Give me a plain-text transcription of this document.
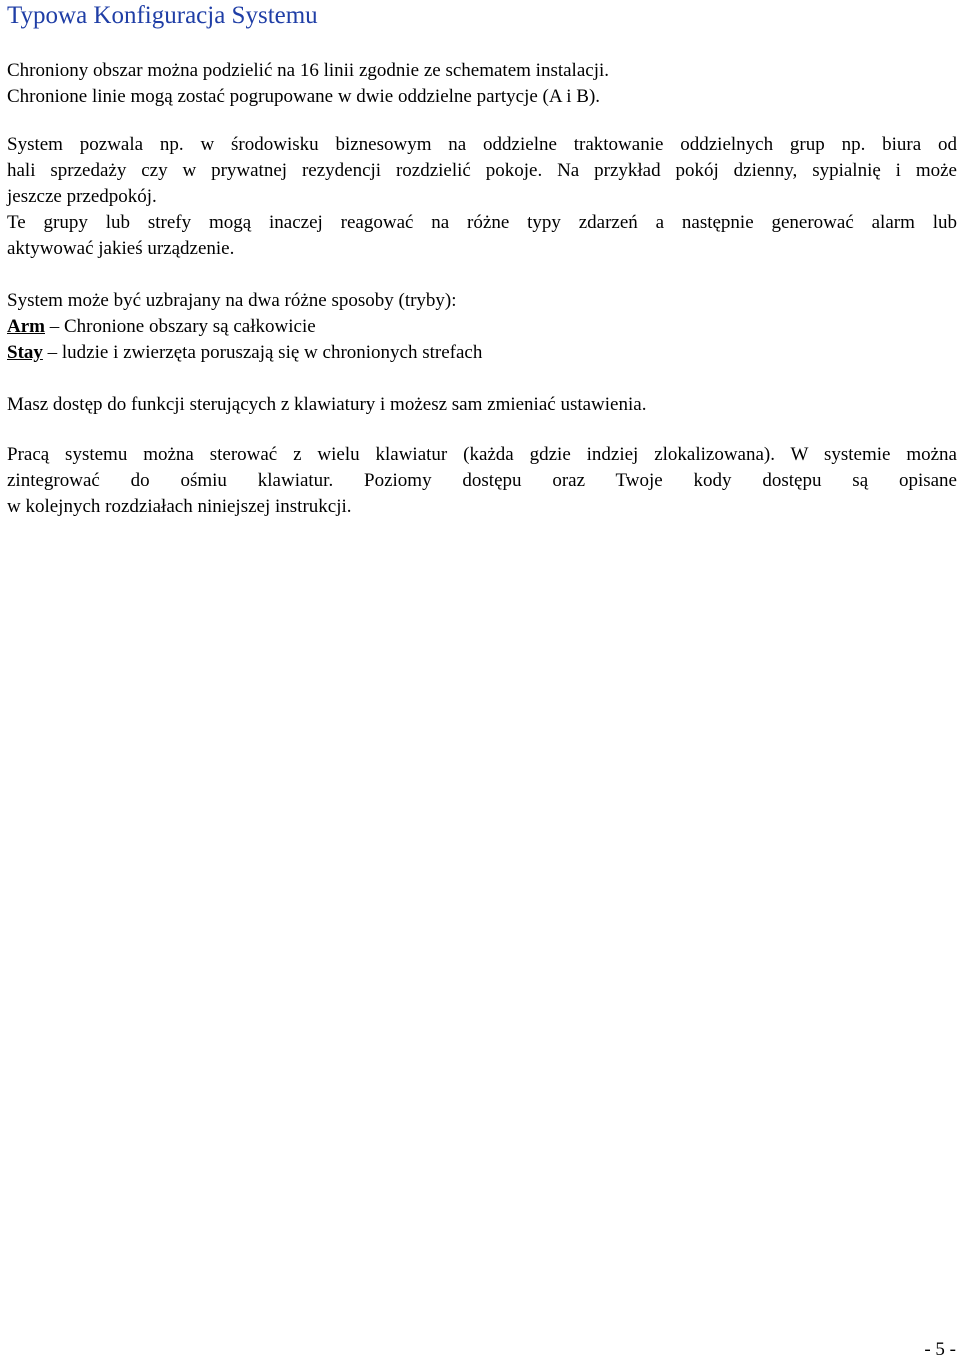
Typowa Konfiguracja Systemu

Chroniony obszar można podzielić na 16 linii zgodnie ze schematem instalacji.
Chronione linie mogą zostać pogrupowane w dwie oddzielne partycje (A i B).

System pozwala np. w środowisku biznesowym na oddzielne traktowanie oddzielnych grup np. biura od
hali sprzedaży czy w prywatnej rezydencji rozdzielić pokoje. Na przykład pokój dzienny, sypialnię i może
jeszcze przedpokój.
Te grupy lub strefy mogą inaczej reagować na różne typy zdarzeń a następnie generować alarm lub
aktywować jakieś urządzenie.

System może być uzbrajany na dwa różne sposoby (tryby):
Arm – Chronione obszary są całkowicie
Stay – ludzie i zwierzęta poruszają się w chronionych strefach

Masz dostęp do funkcji sterujących z klawiatury i możesz sam zmieniać ustawienia.

Pracą systemu można sterować z wielu klawiatur (każda gdzie indziej zlokalizowana). W systemie można
zintegrować do ośmiu klawiatur. Poziomy dostępu oraz Twoje kody dostępu są opisane
w kolejnych rozdziałach niniejszej instrukcji.

- 5 -
